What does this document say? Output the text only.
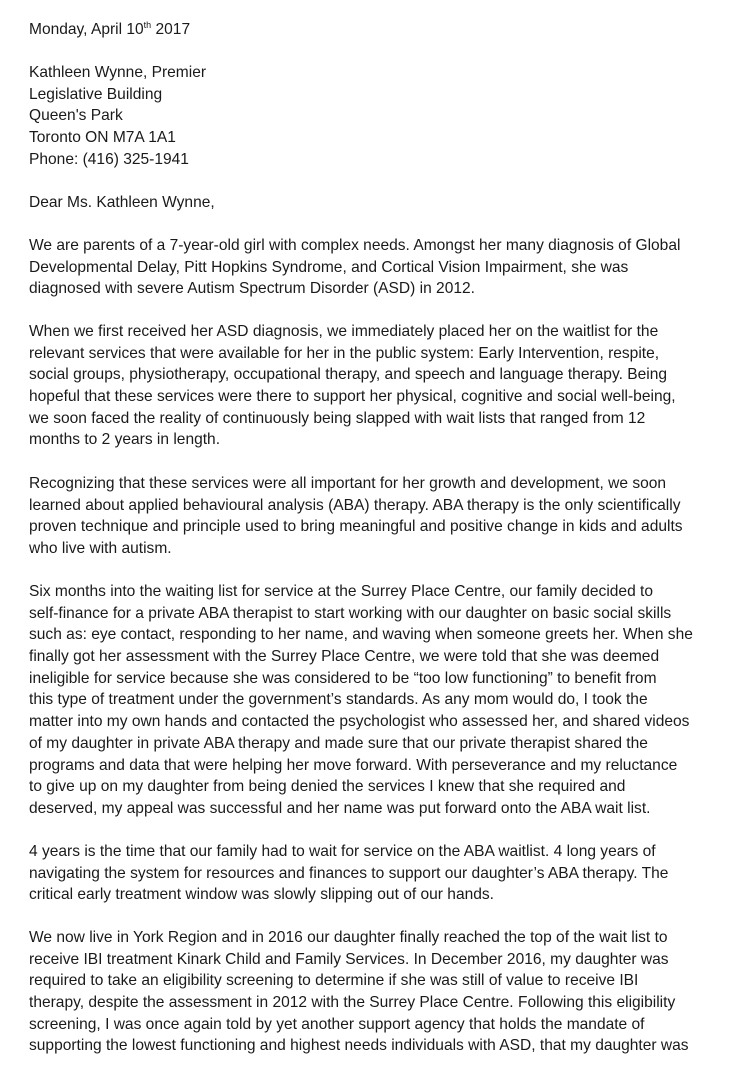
Monday, April 10th 2017
Kathleen Wynne, Premier
Legislative Building
Queen's Park
Toronto ON M7A 1A1
Phone: (416) 325-1941
Dear Ms. Kathleen Wynne,
We are parents of a 7-year-old girl with complex needs. Amongst her many diagnosis of Global
Developmental Delay, Pitt Hopkins Syndrome, and Cortical Vision Impairment, she was
diagnosed with severe Autism Spectrum Disorder (ASD) in 2012.
When we first received her ASD diagnosis, we immediately placed her on the waitlist for the
relevant services that were available for her in the public system: Early Intervention, respite,
social groups, physiotherapy, occupational therapy, and speech and language therapy. Being
hopeful that these services were there to support her physical, cognitive and social well-being,
we soon faced the reality of continuously being slapped with wait lists that ranged from 12
months to 2 years in length.
Recognizing that these services were all important for her growth and development, we soon
learned about applied behavioural analysis (ABA) therapy. ABA therapy is the only scientifically
proven technique and principle used to bring meaningful and positive change in kids and adults
who live with autism.
Six months into the waiting list for service at the Surrey Place Centre, our family decided to
self-finance for a private ABA therapist to start working with our daughter on basic social skills
such as: eye contact, responding to her name, and waving when someone greets her. When she
finally got her assessment with the Surrey Place Centre, we were told that she was deemed
ineligible for service because she was considered to be “too low functioning” to benefit from
this type of treatment under the government’s standards. As any mom would do, I took the
matter into my own hands and contacted the psychologist who assessed her, and shared videos
of my daughter in private ABA therapy and made sure that our private therapist shared the
programs and data that were helping her move forward. With perseverance and my reluctance
to give up on my daughter from being denied the services I knew that she required and
deserved, my appeal was successful and her name was put forward onto the ABA wait list.
4 years is the time that our family had to wait for service on the ABA waitlist. 4 long years of
navigating the system for resources and finances to support our daughter’s ABA therapy. The
critical early treatment window was slowly slipping out of our hands.
We now live in York Region and in 2016 our daughter finally reached the top of the wait list to
receive IBI treatment Kinark Child and Family Services. In December 2016, my daughter was
required to take an eligibility screening to determine if she was still of value to receive IBI
therapy, despite the assessment in 2012 with the Surrey Place Centre. Following this eligibility
screening, I was once again told by yet another support agency that holds the mandate of
supporting the lowest functioning and highest needs individuals with ASD, that my daughter was
